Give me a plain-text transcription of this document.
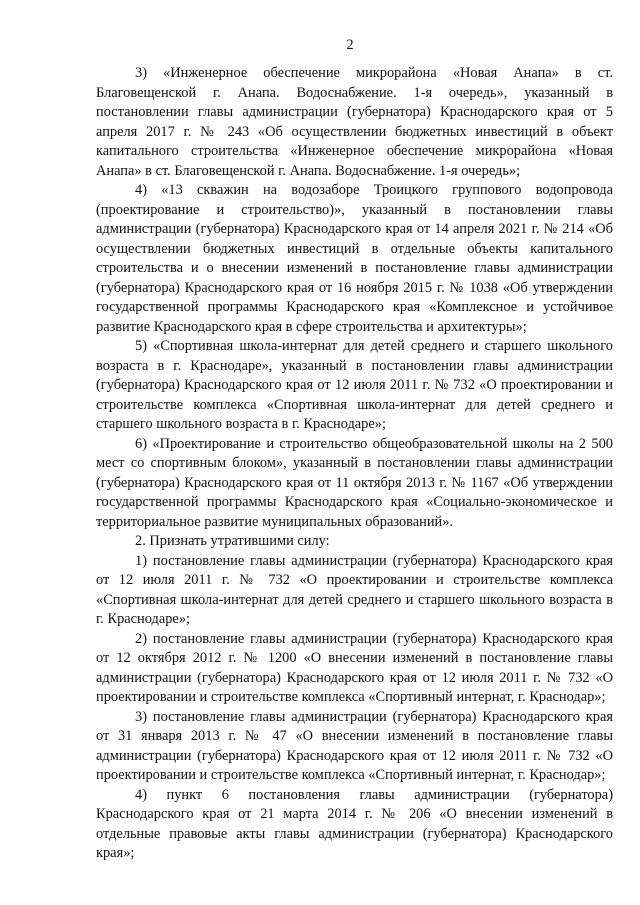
2

3) «Инженерное обеспечение микрорайона «Новая Анапа» в ст. Благовещенской г. Анапа. Водоснабжение. 1-я очередь», указанный в постановлении главы администрации (губернатора) Краснодарского края от 5 апреля 2017 г. № 243 «Об осуществлении бюджетных инвестиций в объект капитального строительства «Инженерное обеспечение микрорайона «Новая Анапа» в ст. Благовещенской г. Анапа. Водоснабжение. 1-я очередь»;

4) «13 скважин на водозаборе Троицкого группового водопровода (проектирование и строительство)», указанный в постановлении главы администрации (губернатора) Краснодарского края от 14 апреля 2021 г. № 214 «Об осуществлении бюджетных инвестиций в отдельные объекты капитального строительства и о внесении изменений в постановление главы администрации (губернатора) Краснодарского края от 16 ноября 2015 г. № 1038 «Об утверждении государственной программы Краснодарского края «Комплексное и устойчивое развитие Краснодарского края в сфере строительства и архитектуры»;

5) «Спортивная школа-интернат для детей среднего и старшего школьного возраста в г. Краснодаре», указанный в постановлении главы администрации (губернатора) Краснодарского края от 12 июля 2011 г. № 732 «О проектировании и строительстве комплекса «Спортивная школа-интернат для детей среднего и старшего школьного возраста в г. Краснодаре»;

6) «Проектирование и строительство общеобразовательной школы на 2 500 мест со спортивным блоком», указанный в постановлении главы администрации (губернатора) Краснодарского края от 11 октября 2013 г. № 1167 «Об утверждении государственной программы Краснодарского края «Социально-экономическое и территориальное развитие муниципальных образований».

2. Признать утратившими силу:

1) постановление главы администрации (губернатора) Краснодарского края от 12 июля 2011 г. № 732 «О проектировании и строительстве комплекса «Спортивная школа-интернат для детей среднего и старшего школьного возраста в г. Краснодаре»;

2) постановление главы администрации (губернатора) Краснодарского края от 12 октября 2012 г. № 1200 «О внесении изменений в постановление главы администрации (губернатора) Краснодарского края от 12 июля 2011 г. № 732 «О проектировании и строительстве комплекса «Спортивный интернат, г. Краснодар»;

3) постановление главы администрации (губернатора) Краснодарского края от 31 января 2013 г. № 47 «О внесении изменений в постановление главы администрации (губернатора) Краснодарского края от 12 июля 2011 г. № 732 «О проектировании и строительстве комплекса «Спортивный интернат, г. Краснодар»;

4) пункт 6 постановления главы администрации (губернатора) Краснодарского края от 21 марта 2014 г. № 206 «О внесении изменений в отдельные правовые акты главы администрации (губернатора) Краснодарского края»;
